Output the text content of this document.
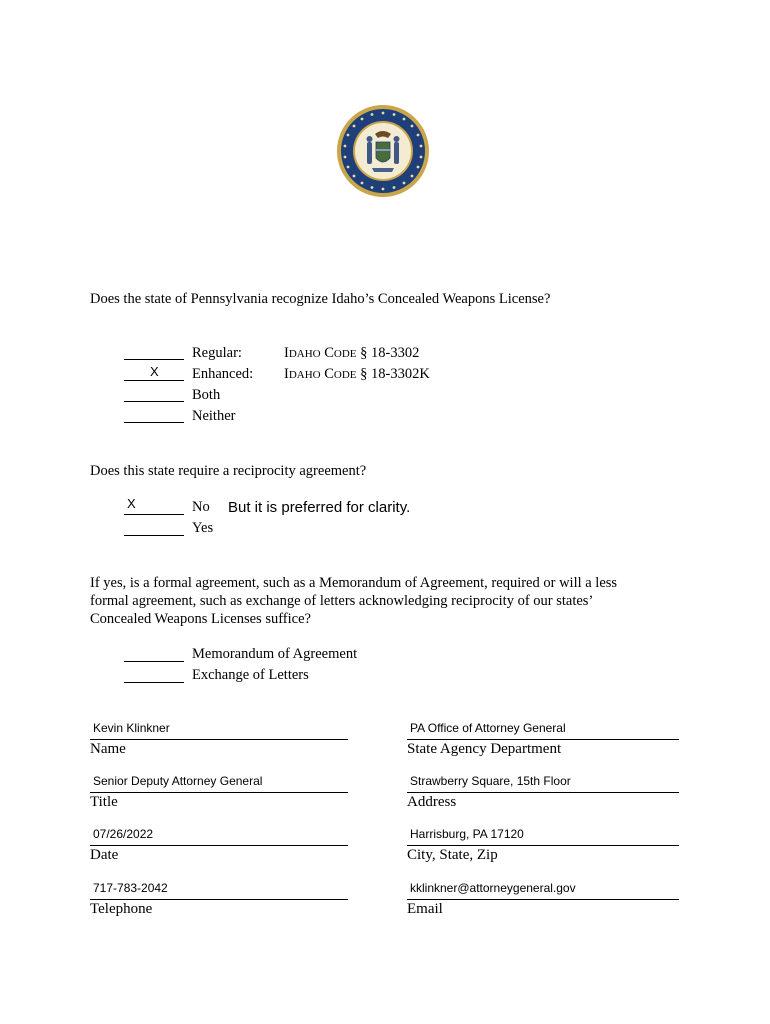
Does the state of Pennsylvania recognize Idaho’s Concealed Weapons License?
Regular:	IDAHO CODE § 18-3302
X Enhanced: IDAHO CODE § 18-3302K
Both
Neither
Does this state require a reciprocity agreement?
X	No But it is preferred for clarity.
Yes
If yes, is a formal agreement, such as a Memorandum of Agreement, required or will a less
formal agreement, such as exchange of letters acknowledging reciprocity of our states’
Concealed Weapons Licenses suffice?
Memorandum of Agreement
Exchange of Letters
Kevin Klinkner
Name
Senior Deputy Attorney General
Title
07/26/2022
Date
717-783-2042
Telephone
PA Office of Attorney General
State Agency Department
Strawberry Square, 15th Floor
Address
Harrisburg, PA 17120
City, State, Zip
kklinkner@attorneygeneral.gov
Email
